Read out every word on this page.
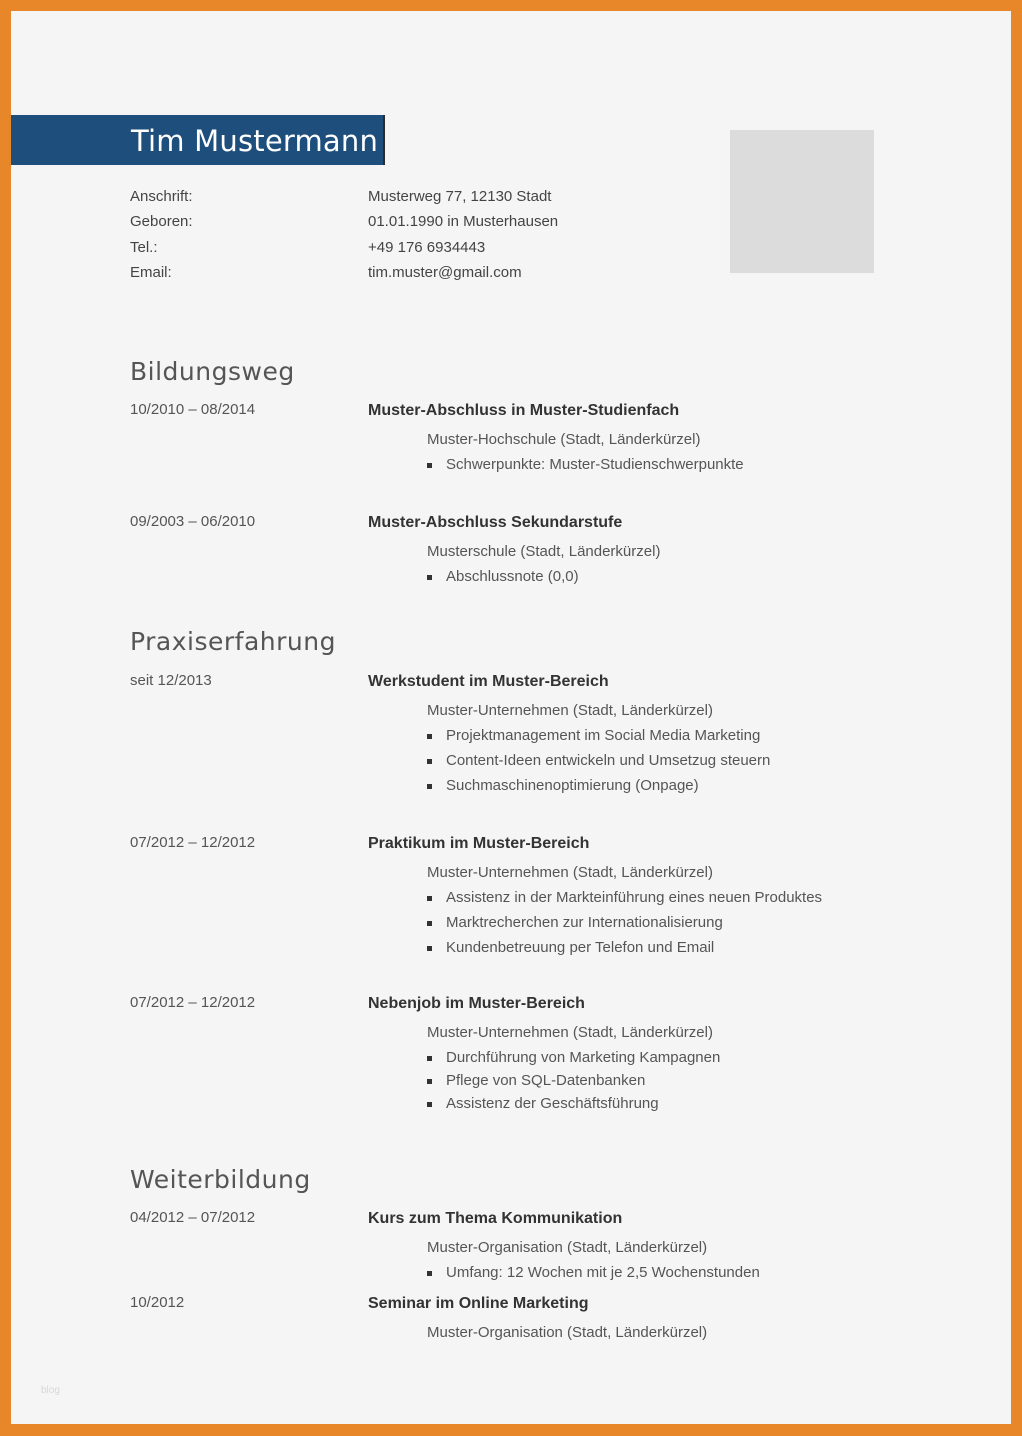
Tim Mustermann
Anschrift:	Musterweg 77, 12130 Stadt
Geboren:	01.01.1990 in Musterhausen
Tel.:	+49 176 6934443
Email:	tim.muster@gmail.com
Bildungsweg
10/2010 – 08/2014	Muster-Abschluss in Muster-Studienfach
Muster-Hochschule (Stadt, Länderkürzel)
Schwerpunkte: Muster-Studienschwerpunkte
09/2003 – 06/2010	Muster-Abschluss Sekundarstufe
Musterschule (Stadt, Länderkürzel)
Abschlussnote (0,0)
Praxiserfahrung
seit 12/2013	Werkstudent im Muster-Bereich
Muster-Unternehmen (Stadt, Länderkürzel)
Projektmanagement im Social Media Marketing
Content-Ideen entwickeln und Umsetzug steuern
Suchmaschinenoptimierung (Onpage)
07/2012 – 12/2012	Praktikum im Muster-Bereich
Muster-Unternehmen (Stadt, Länderkürzel)
Assistenz in der Markteinführung eines neuen Produktes
Marktrecherchen zur Internationalisierung
Kundenbetreuung per Telefon und Email
07/2012 – 12/2012	Nebenjob im Muster-Bereich
Muster-Unternehmen (Stadt, Länderkürzel)
Durchführung von Marketing Kampagnen
Pflege von SQL-Datenbanken
Assistenz der Geschäftsführung
Weiterbildung
04/2012 – 07/2012	Kurs zum Thema Kommunikation
Muster-Organisation (Stadt, Länderkürzel)
Umfang: 12 Wochen mit je 2,5 Wochenstunden
10/2012	Seminar im Online Marketing
Muster-Organisation (Stadt, Länderkürzel)
blog
